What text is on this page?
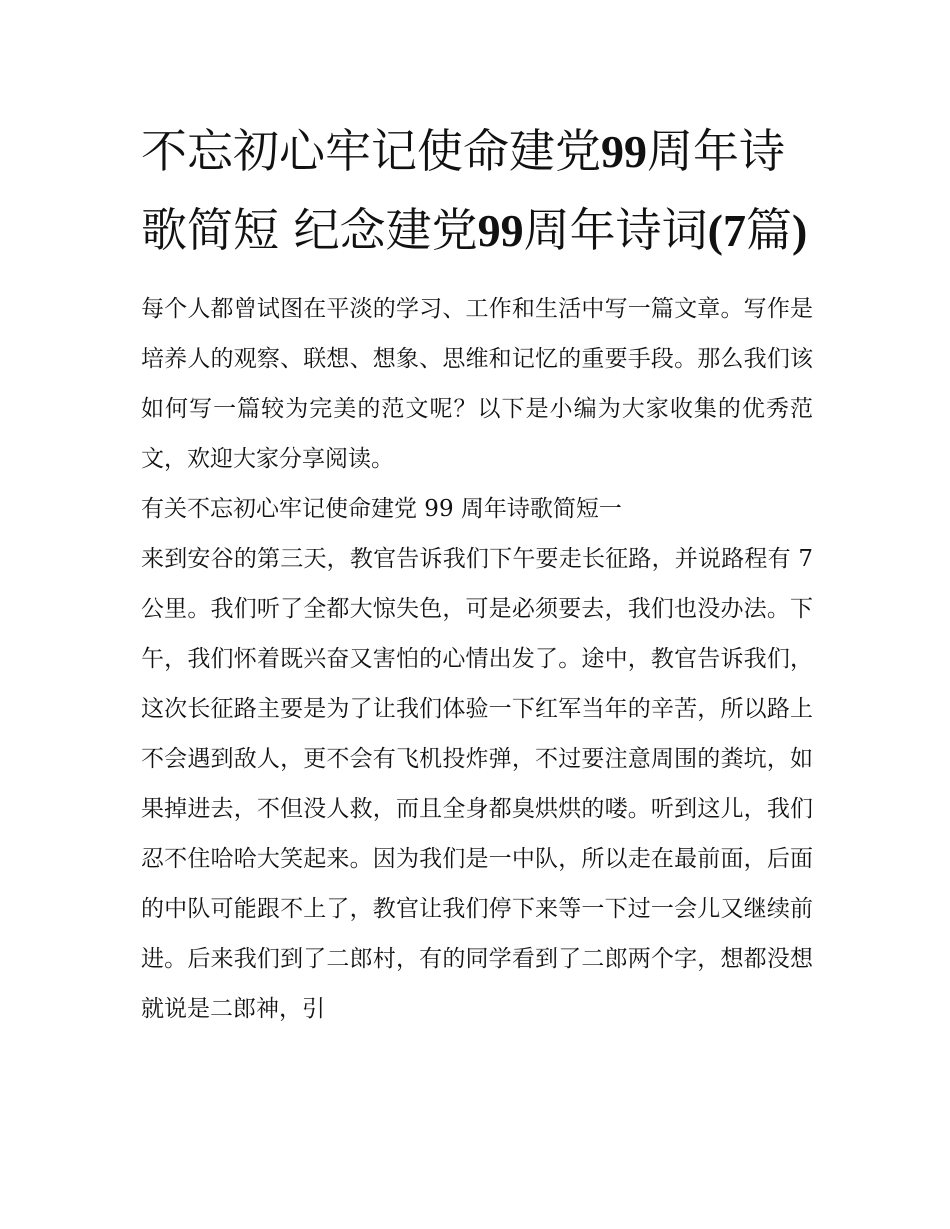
不忘初心牢记使命建党99周年诗歌简短 纪念建党99周年诗词(7篇)

每个人都曾试图在平淡的学习、工作和生活中写一篇文章。写作是培养人的观察、联想、想象、思维和记忆的重要手段。那么我们该如何写一篇较为完美的范文呢？以下是小编为大家收集的优秀范文，欢迎大家分享阅读。

有关不忘初心牢记使命建党 99 周年诗歌简短一

来到安谷的第三天，教官告诉我们下午要走长征路，并说路程有 7 公里。我们听了全都大惊失色，可是必须要去，我们也没办法。下午，我们怀着既兴奋又害怕的心情出发了。途中，教官告诉我们，这次长征路主要是为了让我们体验一下红军当年的辛苦，所以路上不会遇到敌人，更不会有飞机投炸弹，不过要注意周围的粪坑，如果掉进去，不但没人救，而且全身都臭烘烘的喽。听到这儿，我们忍不住哈哈大笑起来。因为我们是一中队，所以走在最前面，后面的中队可能跟不上了，教官让我们停下来等一下过一会儿又继续前进。后来我们到了二郎村，有的同学看到了二郎两个字，想都没想就说是二郎神，引
